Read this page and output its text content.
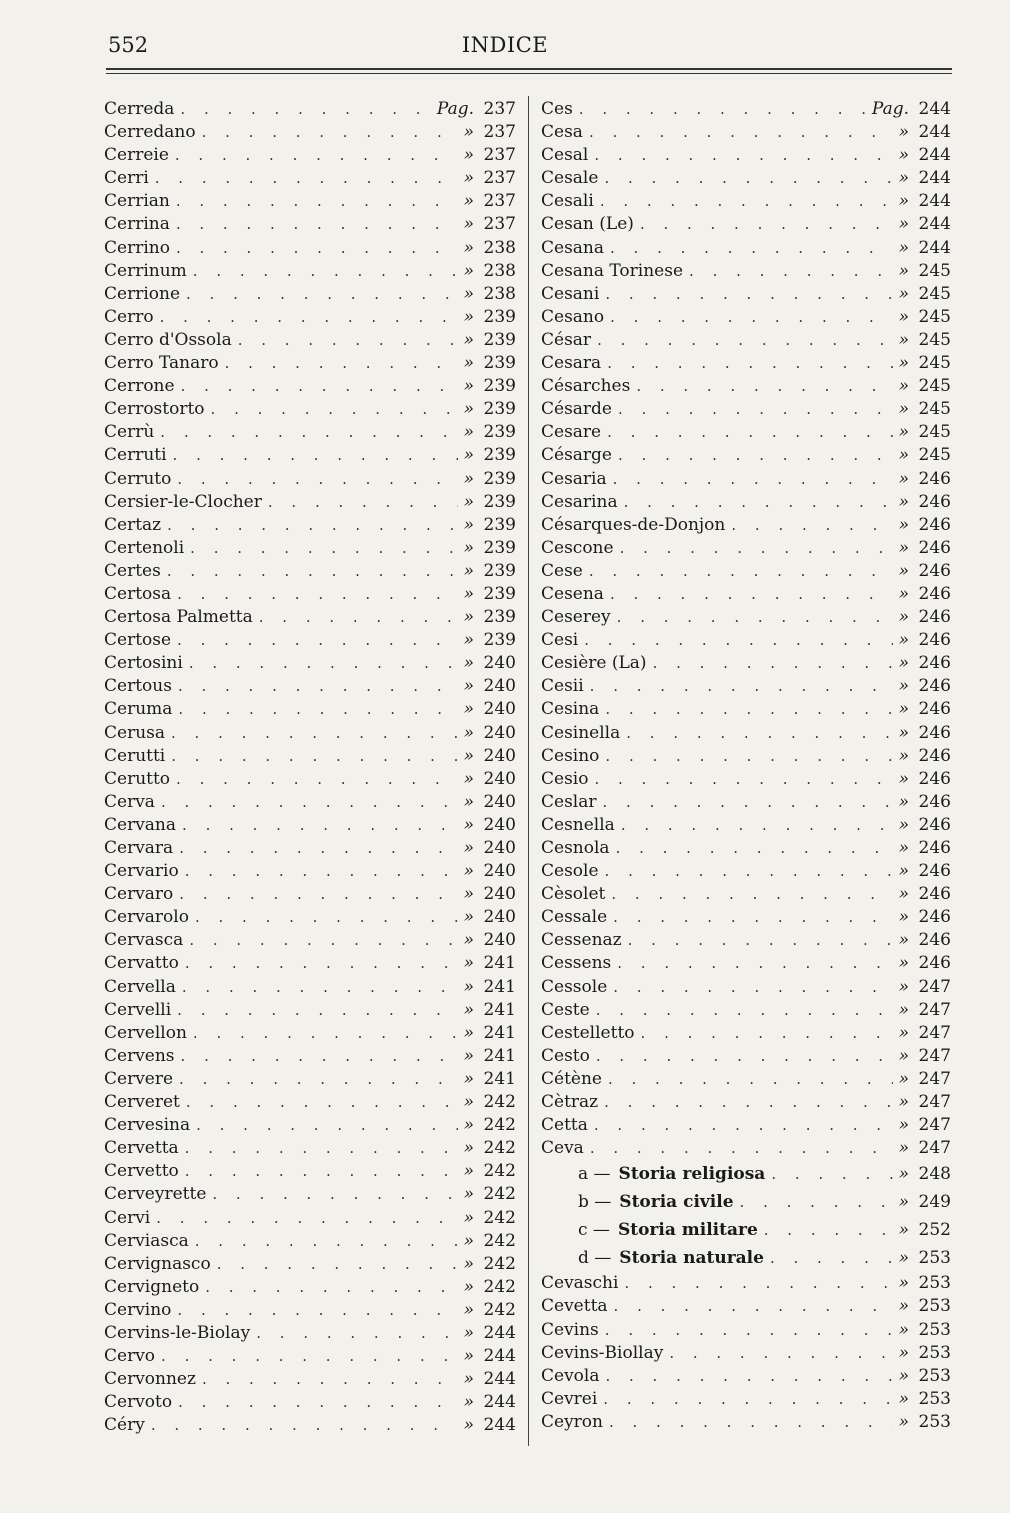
552	INDICE
Cerreda . . .	Pag. 237
Cerredano . . .	» 237
Cerreie . . .	» 237
Cerri . . .	» 237
Cerrian . . .	» 237
Cerrina . . .	» 237
Cerrino . . .	» 238
Cerrinum . . .	» 238
Cerrione . . .	» 238
Cerro . . .	» 239
Cerro d'Ossola . . .	» 239
Cerro Tanaro . . .	» 239
Cerrone . . .	» 239
Cerrostorto . . .	» 239
Cerrù . . .	» 239
Cerruti . . .	» 239
Cerruto . . .	» 239
Cersier-le-Clocher . . .	» 239
Certaz . . .	» 239
Certenoli . . .	» 239
Certes . . .	» 239
Certosa . . .	» 239
Certosa Palmetta . . .	» 239
Certose . . .	» 239
Certosini . . .	» 240
Certous . . .	» 240
Ceruma . . .	» 240
Cerusa . . .	» 240
Cerutti . . .	» 240
Cerutto . . .	» 240
Cerva . . .	» 240
Cervana . . .	» 240
Cervara . . .	» 240
Cervario . . .	» 240
Cervaro . . .	» 240
Cervarolo . . .	» 240
Cervasca . . .	» 240
Cervatto . . .	» 241
Cervella . . .	» 241
Cervelli . . .	» 241
Cervellon . . .	» 241
Cervens . . .	» 241
Cervere . . .	» 241
Cerveret . . .	» 242
Cervesina . . .	» 242
Cervetta . . .	» 242
Cervetto . . .	» 242
Cerveyrette . . .	» 242
Cervi . . .	» 242
Cerviasca . . .	» 242
Cervignasco . . .	» 242
Cervigneto . . .	» 242
Cervino . . .	» 242
Cervins-le-Biolay . . .	» 244
Cervo . . .	» 244
Cervonnez . . .	» 244
Cervoto . . .	» 244
Céry . . .	» 244
Ces . . .	Pag. 244
Cesa . . .	» 244
Cesal . . .	» 244
Cesale . . .	» 244
Cesali . . .	» 244
Cesan (Le) . . .	» 244
Cesana . . .	» 244
Cesana Torinese . . .	» 245
Cesani . . .	» 245
Cesano . . .	» 245
César . . .	» 245
Cesara . . .	» 245
Césarches . . .	» 245
Césarde . . .	» 245
Cesare . . .	» 245
Césarge . . .	» 245
Cesaria . . .	» 246
Cesarina . . .	» 246
Césarques-de-Donjon . . .	» 246
Cescone . . .	» 246
Cese . . .	» 246
Cesena . . .	» 246
Ceserey . . .	» 246
Cesi . . .	» 246
Cesière (La) . . .	» 246
Cesii . . .	» 246
Cesina . . .	» 246
Cesinella . . .	» 246
Cesino . . .	» 246
Cesio . . .	» 246
Ceslar . . .	» 246
Cesnella . . .	» 246
Cesnola . . .	» 246
Cesole . . .	» 246
Cèsolet . . .	» 246
Cessale . . .	» 246
Cessenaz . . .	» 246
Cessens . . .	» 246
Cessole . . .	» 247
Ceste . . .	» 247
Cestelletto . . .	» 247
Cesto . . .	» 247
Cétène . . .	» 247
Cètraz . . .	» 247
Cetta . . .	» 247
Ceva . . .	» 247
a — Storia religiosa . . .	» 248
b — Storia civile . . .	» 249
c — Storia militare . . .	» 252
d — Storia naturale . . .	» 253
Cevaschi . . .	» 253
Cevetta . . .	» 253
Cevins . . .	» 253
Cevins-Biollay . . .	» 253
Cevola . . .	» 253
Cevrei . . .	» 253
Ceyron . . .	» 253
